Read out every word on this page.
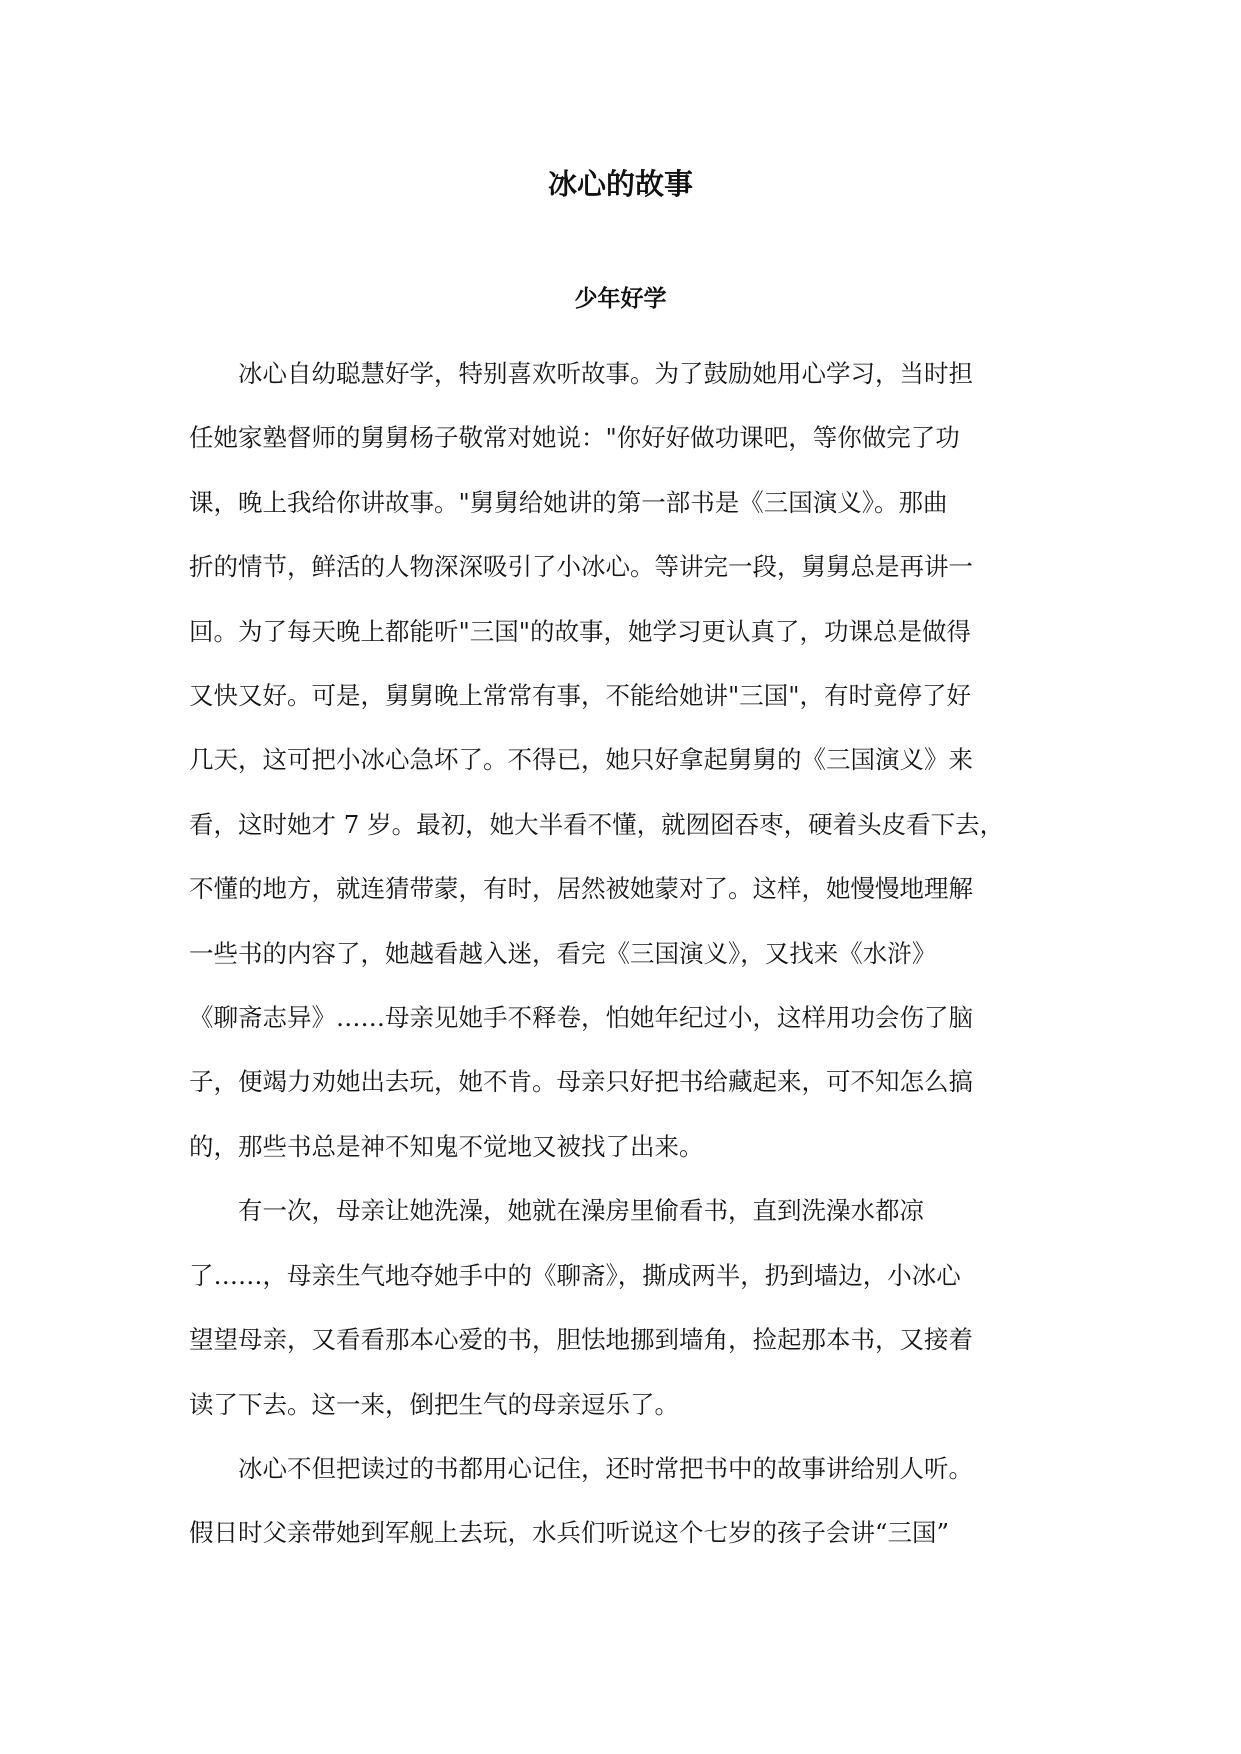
冰心的故事
少年好学

冰心自幼聪慧好学，特别喜欢听故事。为了鼓励她用心学习，当时担
任她家塾督师的舅舅杨子敬常对她说："你好好做功课吧，等你做完了功
课，晚上我给你讲故事。"舅舅给她讲的第一部书是《三国演义》。那曲
折的情节，鲜活的人物深深吸引了小冰心。等讲完一段，舅舅总是再讲一
回。为了每天晚上都能听"三国"的故事，她学习更认真了，功课总是做得
又快又好。可是，舅舅晚上常常有事，不能给她讲"三国"，有时竟停了好
几天，这可把小冰心急坏了。不得已，她只好拿起舅舅的《三国演义》来
看，这时她才 7 岁。最初，她大半看不懂，就囫囵吞枣，硬着头皮看下去，
不懂的地方，就连猜带蒙，有时，居然被她蒙对了。这样，她慢慢地理解
一些书的内容了，她越看越入迷，看完《三国演义》，又找来《水浒》
《聊斋志异》……母亲见她手不释卷，怕她年纪过小，这样用功会伤了脑
子，便竭力劝她出去玩，她不肯。母亲只好把书给藏起来，可不知怎么搞
的，那些书总是神不知鬼不觉地又被找了出来。

有一次，母亲让她洗澡，她就在澡房里偷看书，直到洗澡水都凉
了……，母亲生气地夺她手中的《聊斋》，撕成两半，扔到墙边，小冰心
望望母亲，又看看那本心爱的书，胆怯地挪到墙角，捡起那本书，又接着
读了下去。这一来，倒把生气的母亲逗乐了。

冰心不但把读过的书都用心记住，还时常把书中的故事讲给别人听。
假日时父亲带她到军舰上去玩，水兵们听说这个七岁的孩子会讲“三国”
